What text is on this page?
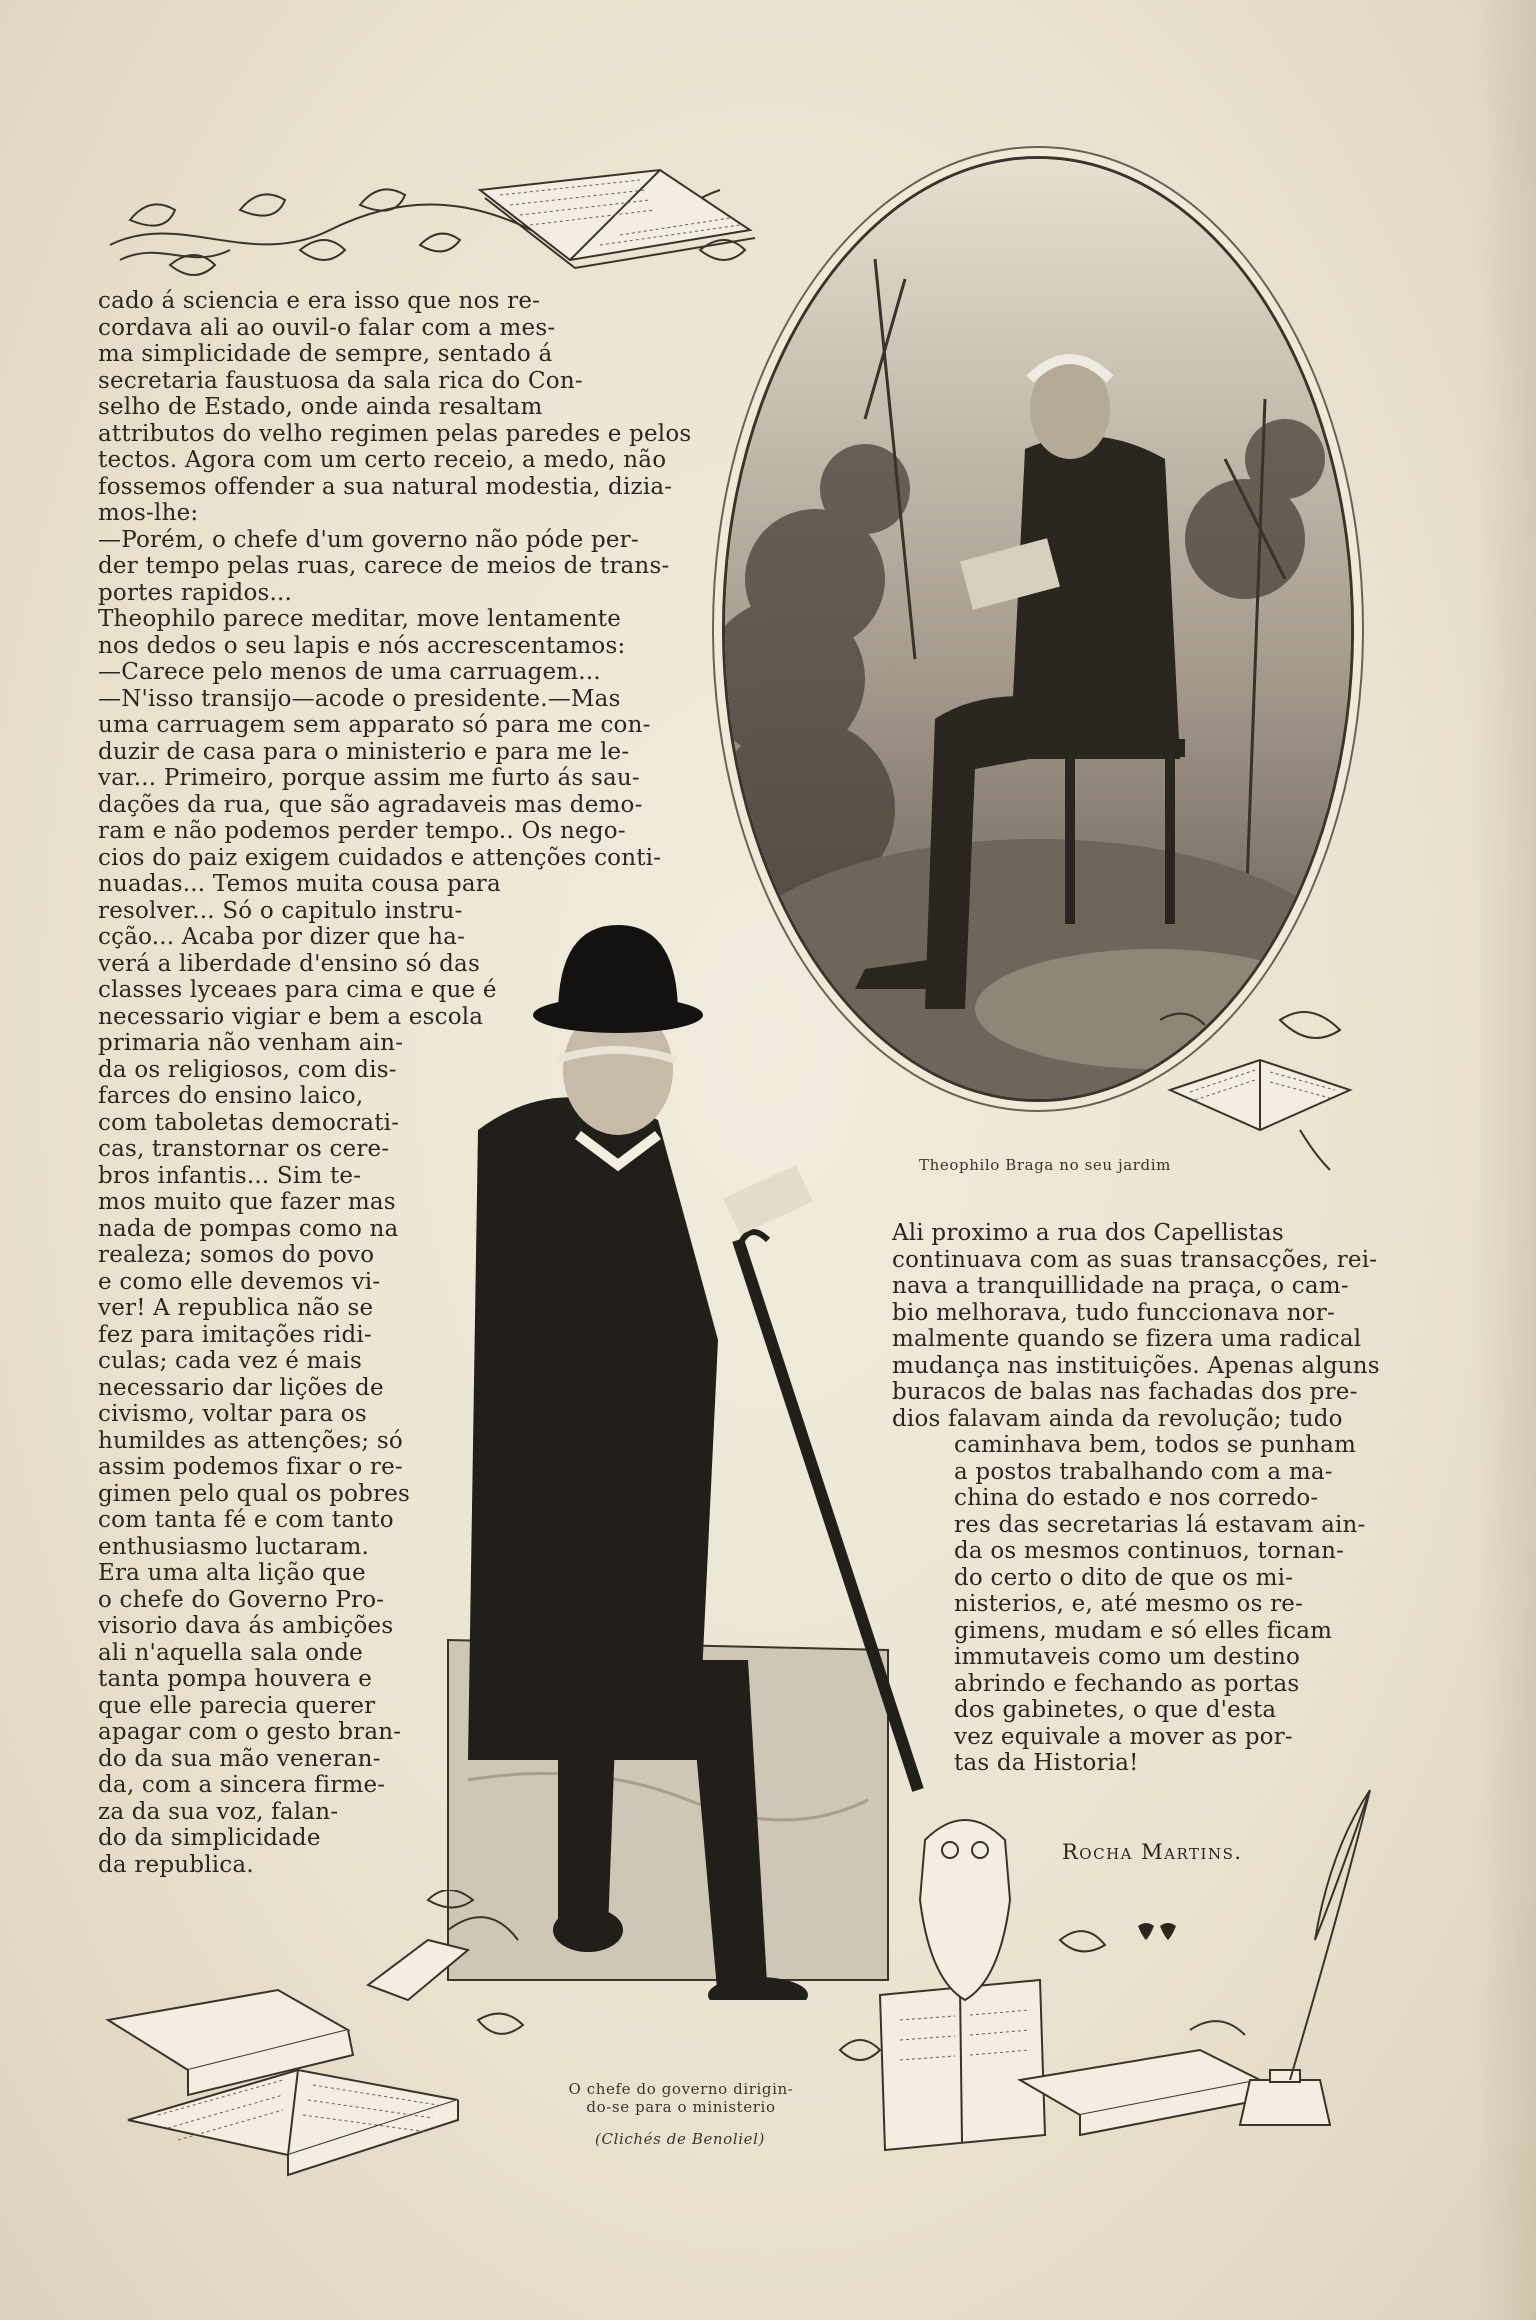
cado á sciencia e era isso que nos re-
cordava ali ao ouvil-o falar com a mes-
ma simplicidade de sempre, sentado á
secretaria faustuosa da sala rica do Con-
selho de Estado, onde ainda resaltam
attributos do velho regimen pelas paredes e pelos
tectos. Agora com um certo receio, a medo, não
fossemos offender a sua natural modestia, dizia-
mos-lhe:
—Porém, o chefe d'um governo não póde per-
der tempo pelas ruas, carece de meios de trans-
portes rapidos...
Theophilo parece meditar, move lentamente
nos dedos o seu lapis e nós accrescentamos:
—Carece pelo menos de uma carruagem...
—N'isso transijo—acode o presidente.—Mas
uma carruagem sem apparato só para me con-
duzir de casa para o ministerio e para me le-
var... Primeiro, porque assim me furto ás sau-
dações da rua, que são agradaveis mas demo-
ram e não podemos perder tempo.. Os nego-
cios do paiz exigem cuidados e attenções conti-
nuadas... Temos muita cousa para
resolver... Só o capitulo instru-
cção... Acaba por dizer que ha-
verá a liberdade d'ensino só das
classes lyceaes para cima e que é
necessario vigiar e bem a escola
primaria não venham ain-
da os religiosos, com dis-
farces do ensino laico,
com taboletas democrati-
cas, transtornar os cere-
bros infantis... Sim te-
mos muito que fazer mas
nada de pompas como na
realeza; somos do povo
e como elle devemos vi-
ver! A republica não se
fez para imitações ridi-
culas; cada vez é mais
necessario dar lições de
civismo, voltar para os
humildes as attenções; só
assim podemos fixar o re-
gimen pelo qual os pobres
com tanta fé e com tanto
enthusiasmo luctaram.
Era uma alta lição que
o chefe do Governo Pro-
visorio dava ás ambições
ali n'aquella sala onde
tanta pompa houvera e
que elle parecia querer
apagar com o gesto bran-
do da sua mão veneran-
da, com a sincera firme-
za da sua voz, falan-
do da simplicidade
da republica.
Ali proximo a rua dos Capellistas
continuava com as suas transacções, rei-
nava a tranquillidade na praça, o cam-
bio melhorava, tudo funccionava nor-
malmente quando se fizera uma radical
mudança nas instituições. Apenas alguns
buracos de balas nas fachadas dos pre-
dios falavam ainda da revolução; tudo
caminhava bem, todos se punham
a postos trabalhando com a ma-
china do estado e nos corredo-
res das secretarias lá estavam ain-
da os mesmos continuos, tornan-
do certo o dito de que os mi-
nisterios, e, até mesmo os re-
gimens, mudam e só elles ficam
immutaveis como um destino
abrindo e fechando as portas
dos gabinetes, o que d'esta
vez equivale a mover as por-
tas da Historia!
Theophilo Braga no seu jardim
O chefe do governo dirigin-
do-se para o ministerio
(Clichés de Benoliel)
Rocha Martins.
